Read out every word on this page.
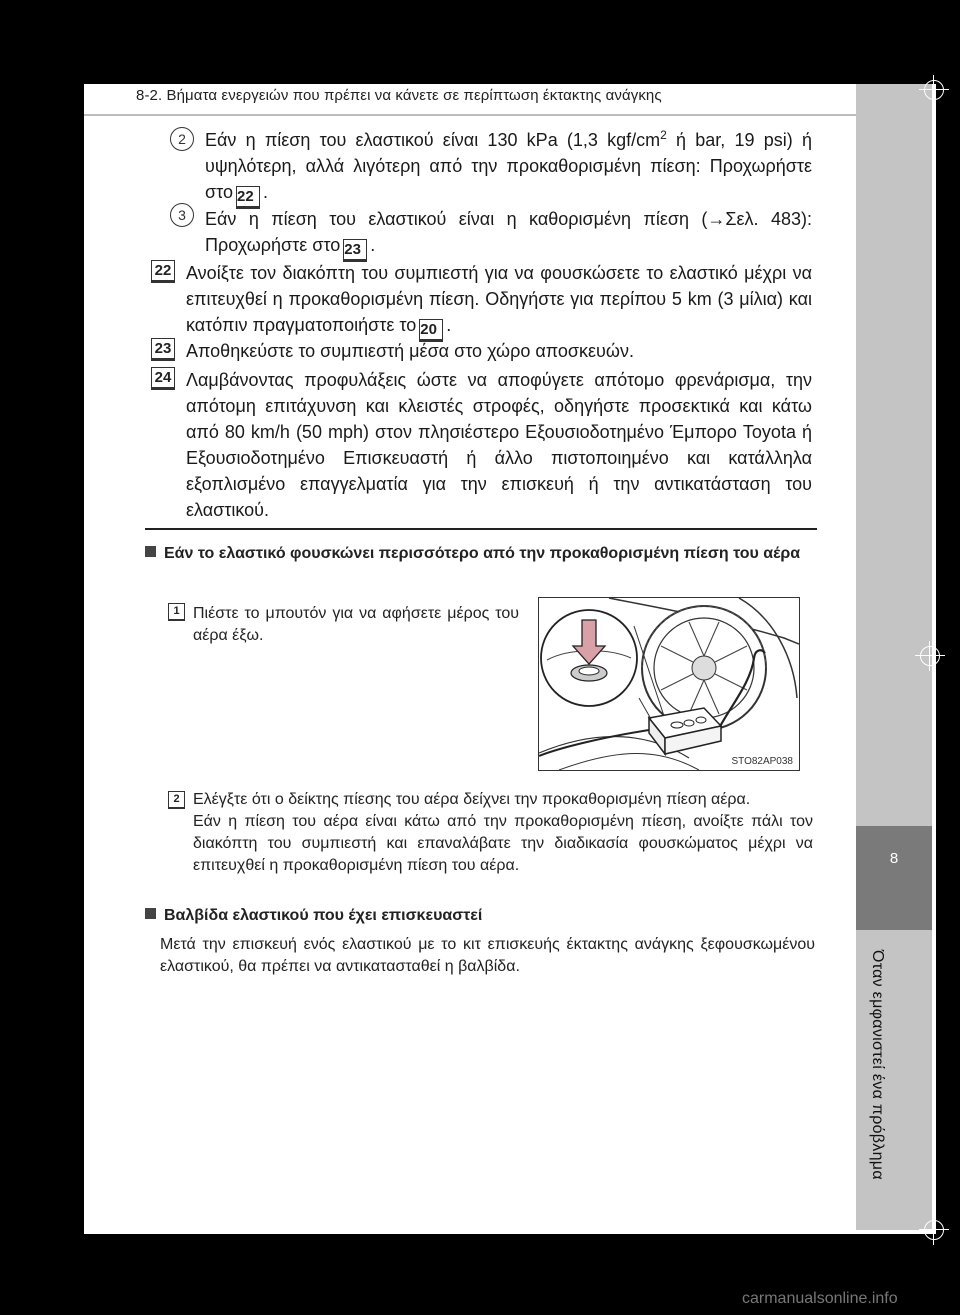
8-2. Βήματα ενεργειών που πρέπει να κάνετε σε περίπτωση έκτακτης ανάγκης
8
Όταν εμφανιστεί ένα πρόβλημα
2	Εάν η πίεση του ελαστικού είναι 130 kPa (1,3 kgf/$cm^2$ ή bar, 19 psi) ή υψηλότερη, αλλά λιγότερη από την προκαθορισμένη πίεση: Προχωρήστε στο 22 .
3	Εάν η πίεση του ελαστικού είναι η καθορισμένη πίεση (→Σελ. 483): Προχωρήστε στο 23 .
22 Ανοίξτε τον διακόπτη του συμπιεστή για να φουσκώσετε το ελαστικό μέχρι να επιτευχθεί η προκαθορισμένη πίεση. Οδηγήστε για περίπου 5 km (3 μίλια) και κατόπιν πραγματοποιήστε το 20 .
23 Αποθηκεύστε το συμπιεστή μέσα στο χώρο αποσκευών.
24 Λαμβάνοντας προφυλάξεις ώστε να αποφύγετε απότομο φρενάρισμα, την απότομη επιτάχυνση και κλειστές στροφές, οδηγήστε προσεκτικά και κάτω από 80 km/h (50 mph) στον πλησιέστερο Εξουσιοδοτημένο Έμπορο Toyota ή Εξουσιοδοτημένο Επισκευαστή ή άλλο πιστοποιημένο και κατάλληλα εξοπλισμένο επαγγελματία για την επισκευή ή την αντικατάσταση του ελαστικού.
Εάν το ελαστικό φουσκώνει περισσότερο από την προκαθορισμένη πίεση του αέρα
1 Πιέστε το μπουτόν για να αφήσετε μέρος του αέρα έξω.
STO82AP038
2 Ελέγξτε ότι ο δείκτης πίεσης του αέρα δείχνει την προκαθορισμένη πίεση αέρα.
Εάν η πίεση του αέρα είναι κάτω από την προκαθορισμένη πίεση, ανοίξτε πάλι τον διακόπτη του συμπιεστή και επαναλάβατε την διαδικασία φουσκώματος μέχρι να επιτευχθεί η προκαθορισμένη πίεση του αέρα.
Βαλβίδα ελαστικού που έχει επισκευαστεί
Μετά την επισκευή ενός ελαστικού με το κιτ επισκευής έκτακτης ανάγκης ξεφουσκωμένου ελαστικού, θα πρέπει να αντικατασταθεί η βαλβίδα.
carmanualsonline.info
